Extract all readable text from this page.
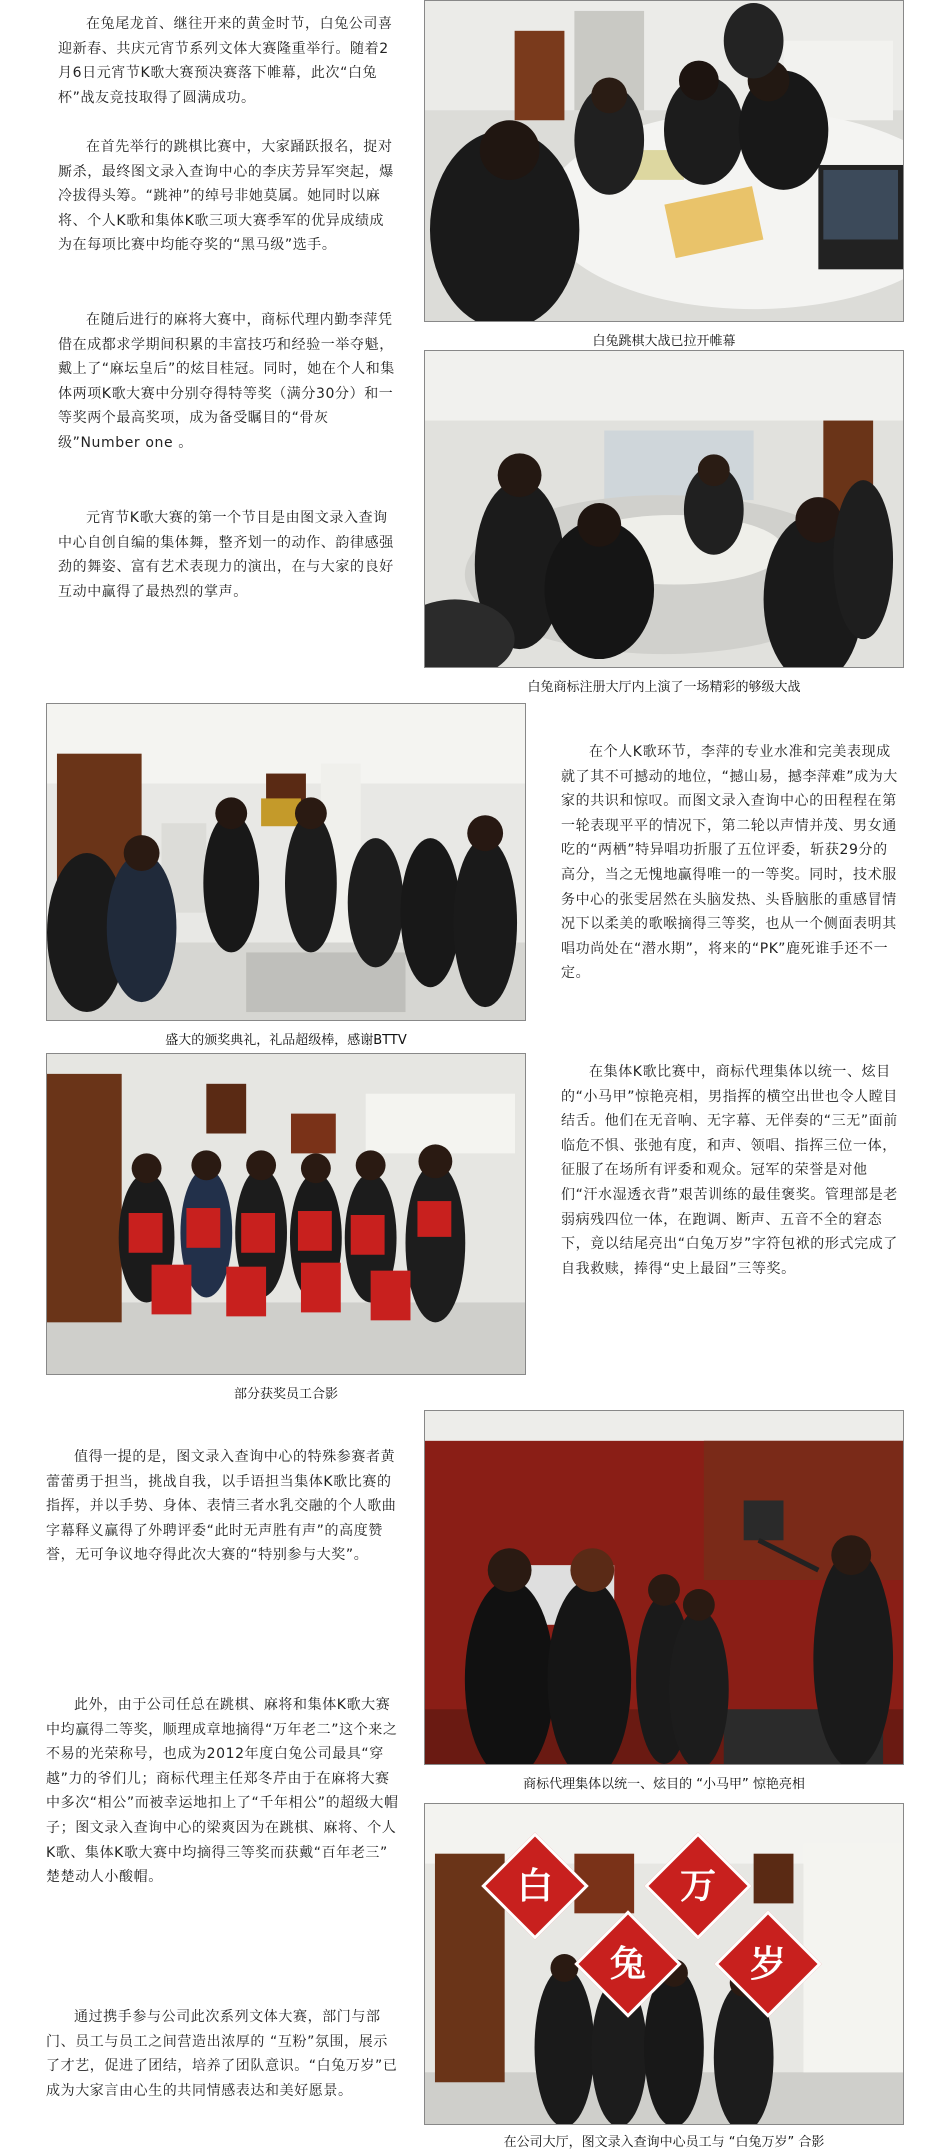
在兔尾龙首、继往开来的黄金时节，白兔公司喜迎新春、共庆元宵节系列文体大赛隆重举行。随着2月6日元宵节K歌大赛预决赛落下帷幕，此次“白兔杯”战友竞技取得了圆满成功。

在首先举行的跳棋比赛中，大家踊跃报名，捉对厮杀，最终图文录入查询中心的李庆芳异军突起，爆冷拔得头筹。“跳神”的绰号非她莫属。她同时以麻将、个人K歌和集体K歌三项大赛季军的优异成绩成为在每项比赛中均能夺奖的“黑马级”选手。

在随后进行的麻将大赛中，商标代理内勤李萍凭借在成都求学期间积累的丰富技巧和经验一举夺魁，戴上了“麻坛皇后”的炫目桂冠。同时，她在个人和集体两项K歌大赛中分别夺得特等奖（满分30分）和一等奖两个最高奖项，成为备受瞩目的“骨灰级”Number one 。

元宵节K歌大赛的第一个节目是由图文录入查询中心自创自编的集体舞，整齐划一的动作、韵律感强劲的舞姿、富有艺术表现力的演出，在与大家的良好互动中赢得了最热烈的掌声。

在个人K歌环节，李萍的专业水准和完美表现成就了其不可撼动的地位，“撼山易，撼李萍难”成为大家的共识和惊叹。而图文录入查询中心的田程程在第一轮表现平平的情况下，第二轮以声情并茂、男女通吃的“两栖”特异唱功折服了五位评委，斩获29分的高分，当之无愧地赢得唯一的一等奖。同时，技术服务中心的张雯居然在头脑发热、头昏脑胀的重感冒情况下以柔美的歌喉摘得三等奖，也从一个侧面表明其唱功尚处在“潜水期”，将来的“PK”鹿死谁手还不一定。

在集体K歌比赛中，商标代理集体以统一、炫目的“小马甲”惊艳亮相，男指挥的横空出世也令人瞠目结舌。他们在无音响、无字幕、无伴奏的“三无”面前临危不惧、张弛有度，和声、领唱、指挥三位一体，征服了在场所有评委和观众。冠军的荣誉是对他们“汗水湿透衣背”艰苦训练的最佳褒奖。管理部是老弱病残四位一体，在跑调、断声、五音不全的窘态下，竟以结尾亮出“白兔万岁”字符包袱的形式完成了自我救赎，捧得“史上最囧”三等奖。

值得一提的是，图文录入查询中心的特殊参赛者黄蕾蕾勇于担当，挑战自我，以手语担当集体K歌比赛的指挥，并以手势、身体、表情三者水乳交融的个人歌曲字幕释义赢得了外聘评委“此时无声胜有声”的高度赞誉，无可争议地夺得此次大赛的“特别参与大奖”。

此外，由于公司任总在跳棋、麻将和集体K歌大赛中均赢得二等奖，顺理成章地摘得“万年老二”这个来之不易的光荣称号，也成为2012年度白兔公司最具“穿越”力的爷们儿；商标代理主任郑冬芹由于在麻将大赛中多次“相公”而被幸运地扣上了“千年相公”的超级大帽子；图文录入查询中心的梁爽因为在跳棋、麻将、个人K歌、集体K歌大赛中均摘得三等奖而获戴“百年老三” 楚楚动人小酸帽。

通过携手参与公司此次系列文体大赛，部门与部门、员工与员工之间营造出浓厚的 “互粉”氛围，展示了才艺，促进了团结，培养了团队意识。“白兔万岁”已成为大家言由心生的共同情感表达和美好愿景。

白兔跳棋大战已拉开帷幕
白兔商标注册大厅内上演了一场精彩的够级大战
盛大的颁奖典礼，礼品超级棒，感谢BTTV
部分获奖员工合影
商标代理集体以统一、炫目的 “小马甲” 惊艳亮相
白	万
兔	岁
在公司大厅，图文录入查询中心员工与 “白兔万岁” 合影
